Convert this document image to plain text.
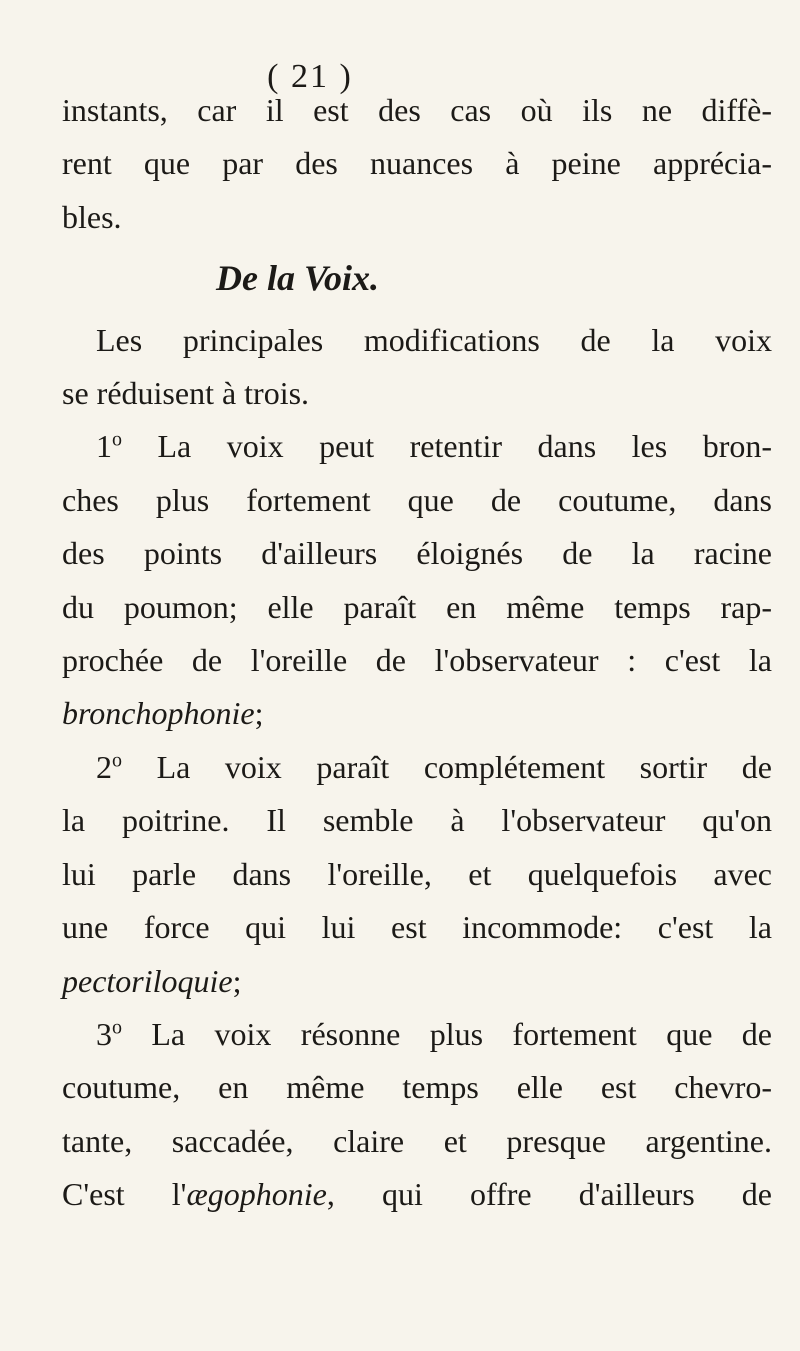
( 21 )
instants, car il est des cas où ils ne diffè-
rent que par des nuances à peine apprécia-
bles.
De la Voix.
Les principales modifications de la voix
se réduisent à trois.
1$^o$ La voix peut retentir dans les bron-
ches plus fortement que de coutume, dans
des points d'ailleurs éloignés de la racine
du poumon; elle paraît en même temps rap-
prochée de l'oreille de l'observateur : c'est la
bronchophonie;
2$^o$ La voix paraît complétement sortir de
la poitrine. Il semble à l'observateur qu'on
lui parle dans l'oreille, et quelquefois avec
une force qui lui est incommode: c'est la
pectoriloquie;
3$^o$ La voix résonne plus fortement que de
coutume, en même temps elle est chevro-
tante, saccadée, claire et presque argentine.
C'est l'ægophonie, qui offre d'ailleurs de
